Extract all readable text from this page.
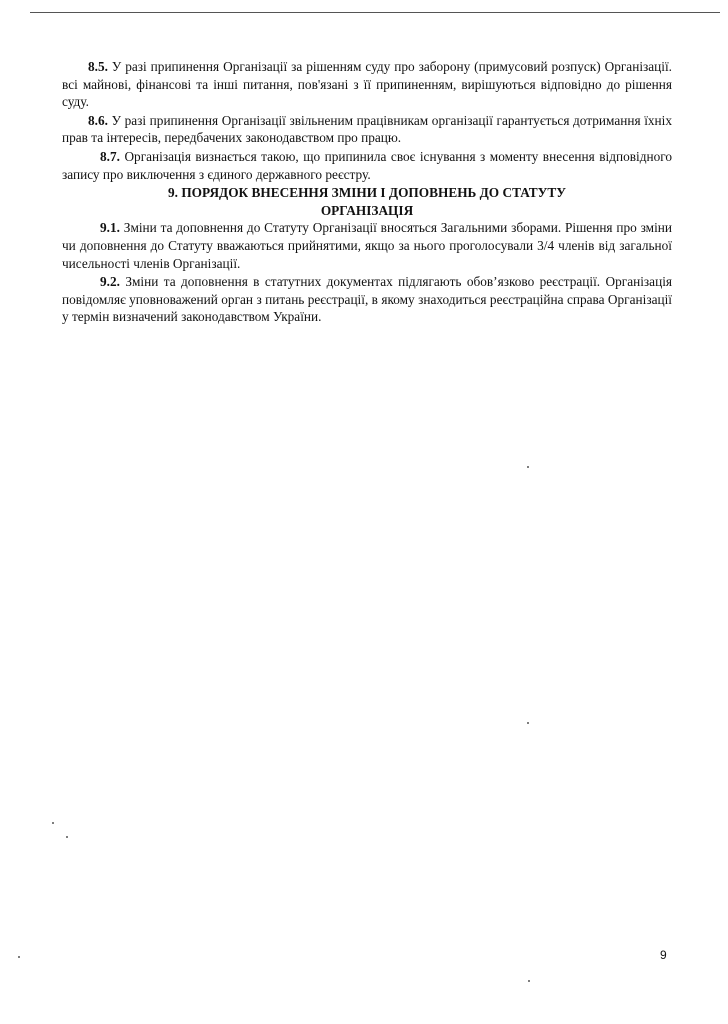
8.5. У разі припинення Організації за рішенням суду про заборону (примусовий розпуск) Організації. всі майнові, фінансові та інші питання, пов'язані з її припиненням, вирішуються відповідно до рішення суду.

8.6. У разі припинення Організації звільненим працівникам організації гарантується дотримання їхніх прав та інтересів, передбачених законодавством про працю.

8.7. Організація визнається такою, що припинила своє існування з моменту внесення відповідного запису про виключення з єдиного державного реєстру.

9. ПОРЯДОК ВНЕСЕННЯ ЗМІНИ І ДОПОВНЕНЬ ДО СТАТУТУ

ОРГАНІЗАЦІЯ

9.1. Зміни та доповнення до Статуту Організації вносяться Загальними зборами. Рішення про зміни чи доповнення до Статуту вважаються прийнятими, якщо за нього проголосували 3/4 членів від загальної чисельності членів Організації.

9.2. Зміни та доповнення в статутних документах підлягають обов’язково реєстрації. Організація повідомляє уповноважений орган з питань реєстрації, в якому знаходиться реєстраційна справа Організації у термін визначений законодавством України.

9
